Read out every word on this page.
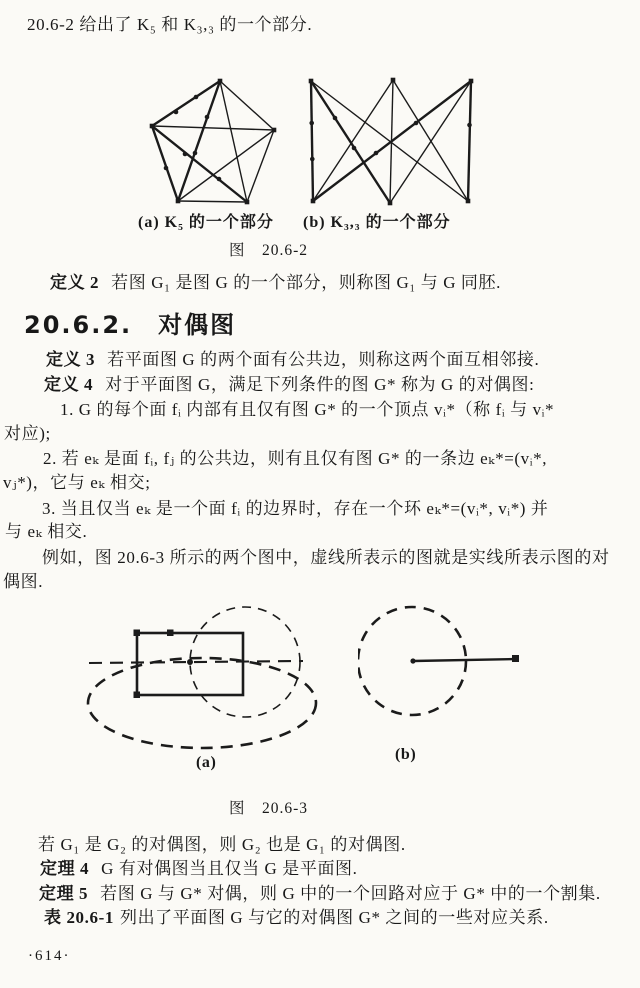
20.6-2 给出了 K₅ 和 K₃,₃ 的一个部分.
(a) K₅ 的一个部分 (b) K₃,₃ 的一个部分
图　20.6-2
定义 2 若图 G₁ 是图 G 的一个部分，则称图 G₁ 与 G 同胚.
20.6.2.　对偶图
定义 3 若平面图 G 的两个面有公共边，则称这两个面互相邻接.
定义 4 对于平面图 G，满足下列条件的图 G* 称为 G 的对偶图:
1. G 的每个面 fᵢ 内部有且仅有图 G* 的一个顶点 vᵢ*（称 fᵢ 与 vᵢ*
对应);
2. 若 eₖ 是面 fᵢ, fⱼ 的公共边，则有且仅有图 G* 的一条边 eₖ*=(vᵢ*,
vⱼ*)，它与 eₖ 相交;
3. 当且仅当 eₖ 是一个面 fᵢ 的边界时，存在一个环 eₖ*=(vᵢ*, vᵢ*) 并
与 eₖ 相交.
例如，图 20.6-3 所示的两个图中，虚线所表示的图就是实线所表示图的对
偶图.
(a)	(b)
图　20.6-3
若 G₁ 是 G₂ 的对偶图，则 G₂ 也是 G₁ 的对偶图.
定理 4 G 有对偶图当且仅当 G 是平面图.
定理 5 若图 G 与 G* 对偶，则 G 中的一个回路对应于 G* 中的一个割集.
表 20.6-1 列出了平面图 G 与它的对偶图 G* 之间的一些对应关系.
·614·
